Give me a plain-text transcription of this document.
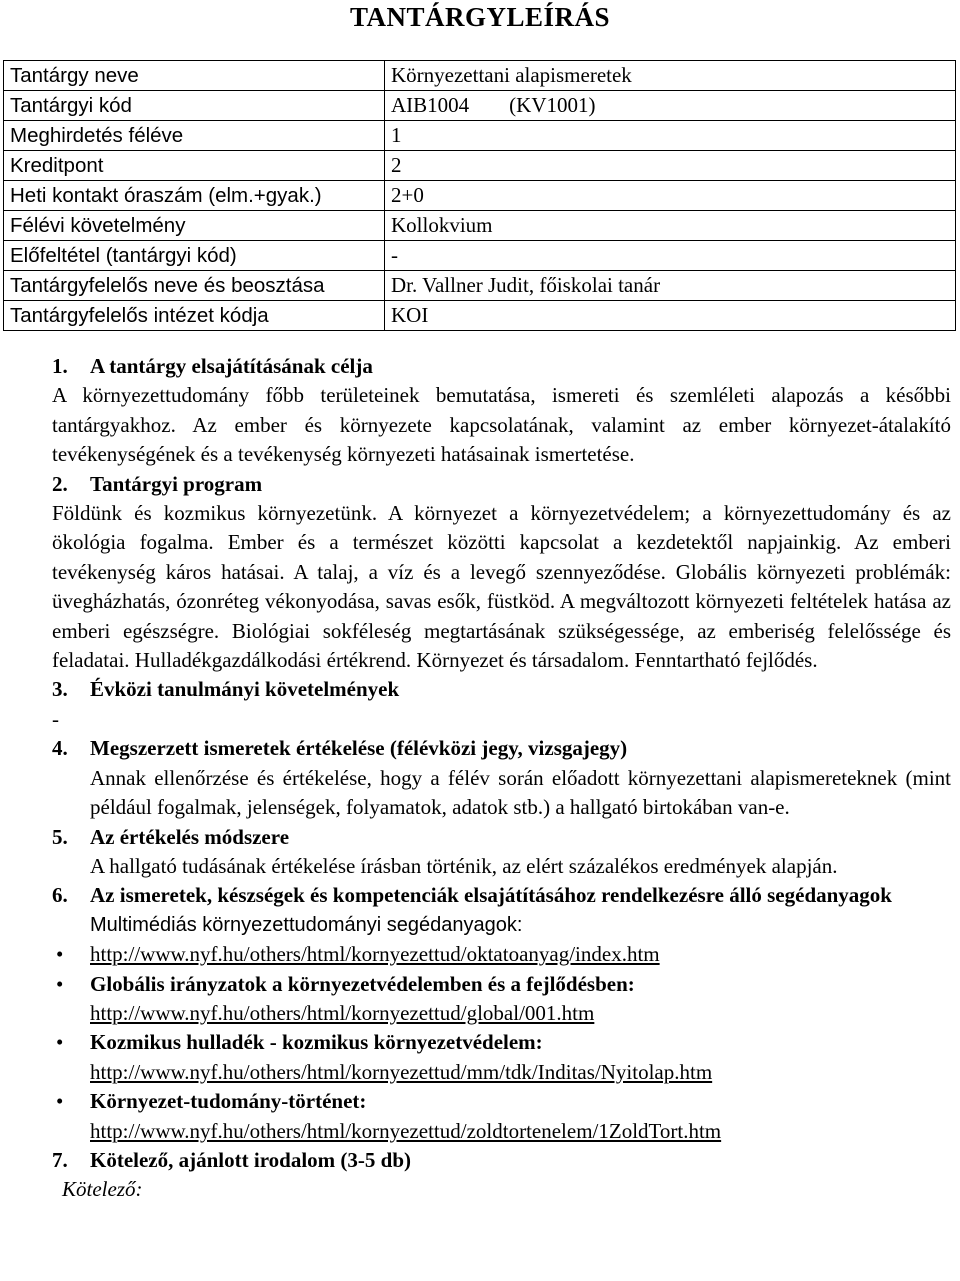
TANTÁRGYLEÍRÁS
Tantárgy neve	Környezettani alapismeretek
Tantárgyi kód	AIB1004 (KV1001)
Meghirdetés féléve	1
Kreditpont	2
Heti kontakt óraszám (elm.+gyak.)	2+0
Félévi követelmény	Kollokvium
Előfeltétel (tantárgyi kód)	-
Tantárgyfelelős neve és beosztása	Dr. Vallner Judit, főiskolai tanár
Tantárgyfelelős intézet kódja	KOI
1. A tantárgy elsajátításának célja
A környezettudomány főbb területeinek bemutatása, ismereti és szemléleti alapozás a későbbi tantárgyakhoz. Az ember és környezete kapcsolatának, valamint az ember környezet-átalakító tevékenységének és a tevékenység környezeti hatásainak ismertetése.
2. Tantárgyi program
Földünk és kozmikus környezetünk. A környezet a környezetvédelem; a környezettudomány és az ökológia fogalma. Ember és a természet közötti kapcsolat a kezdetektől napjainkig. Az emberi tevékenység káros hatásai. A talaj, a víz és a levegő szennyeződése. Globális környezeti problémák: üvegházhatás, ózonréteg vékonyodása, savas esők, füstköd. A megváltozott környezeti feltételek hatása az emberi egészségre. Biológiai sokféleség megtartásának szükségessége, az emberiség felelőssége és feladatai. Hulladékgazdálkodási értékrend. Környezet és társadalom. Fenntartható fejlődés.
3. Évközi tanulmányi követelmények
-
4. Megszerzett ismeretek értékelése (félévközi jegy, vizsgajegy)
Annak ellenőrzése és értékelése, hogy a félév során előadott környezettani alapismereteknek (mint például fogalmak, jelenségek, folyamatok, adatok stb.) a hallgató birtokában van-e.
5. Az értékelés módszere
A hallgató tudásának értékelése írásban történik, az elért százalékos eredmények alapján.
6. Az ismeretek, készségek és kompetenciák elsajátításához rendelkezésre álló segédanyagok
Multimédiás környezettudományi segédanyagok:
• http://www.nyf.hu/others/html/kornyezettud/oktatoanyag/index.htm
• Globális irányzatok a környezetvédelemben és a fejlődésben:
http://www.nyf.hu/others/html/kornyezettud/global/001.htm
• Kozmikus hulladék - kozmikus környezetvédelem:
http://www.nyf.hu/others/html/kornyezettud/mm/tdk/Inditas/Nyitolap.htm
• Környezet-tudomány-történet:
http://www.nyf.hu/others/html/kornyezettud/zoldtortenelem/1ZoldTort.htm
7. Kötelező, ajánlott irodalom (3-5 db)
Kötelező:
